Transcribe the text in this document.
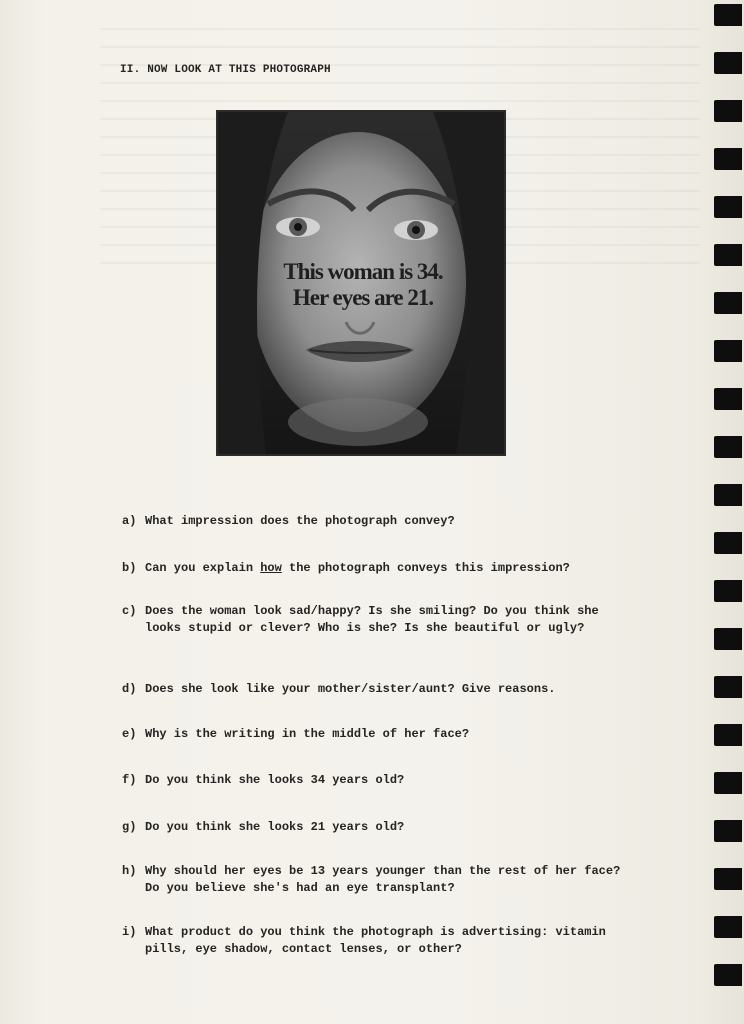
II. NOW LOOK AT THIS PHOTOGRAPH
This woman is 34.
Her eyes are 21.
a) What impression does the photograph convey?
b) Can you explain how the photograph conveys this impression?
c) Does the woman look sad/happy? Is she smiling? Do you think she looks stupid or clever? Who is she? Is she beautiful or ugly?
d) Does she look like your mother/sister/aunt? Give reasons.
e) Why is the writing in the middle of her face?
f) Do you think she looks 34 years old?
g) Do you think she looks 21 years old?
h) Why should her eyes be 13 years younger than the rest of her face? Do you believe she's had an eye transplant?
i) What product do you think the photograph is advertising: vitamin pills, eye shadow, contact lenses, or other?
